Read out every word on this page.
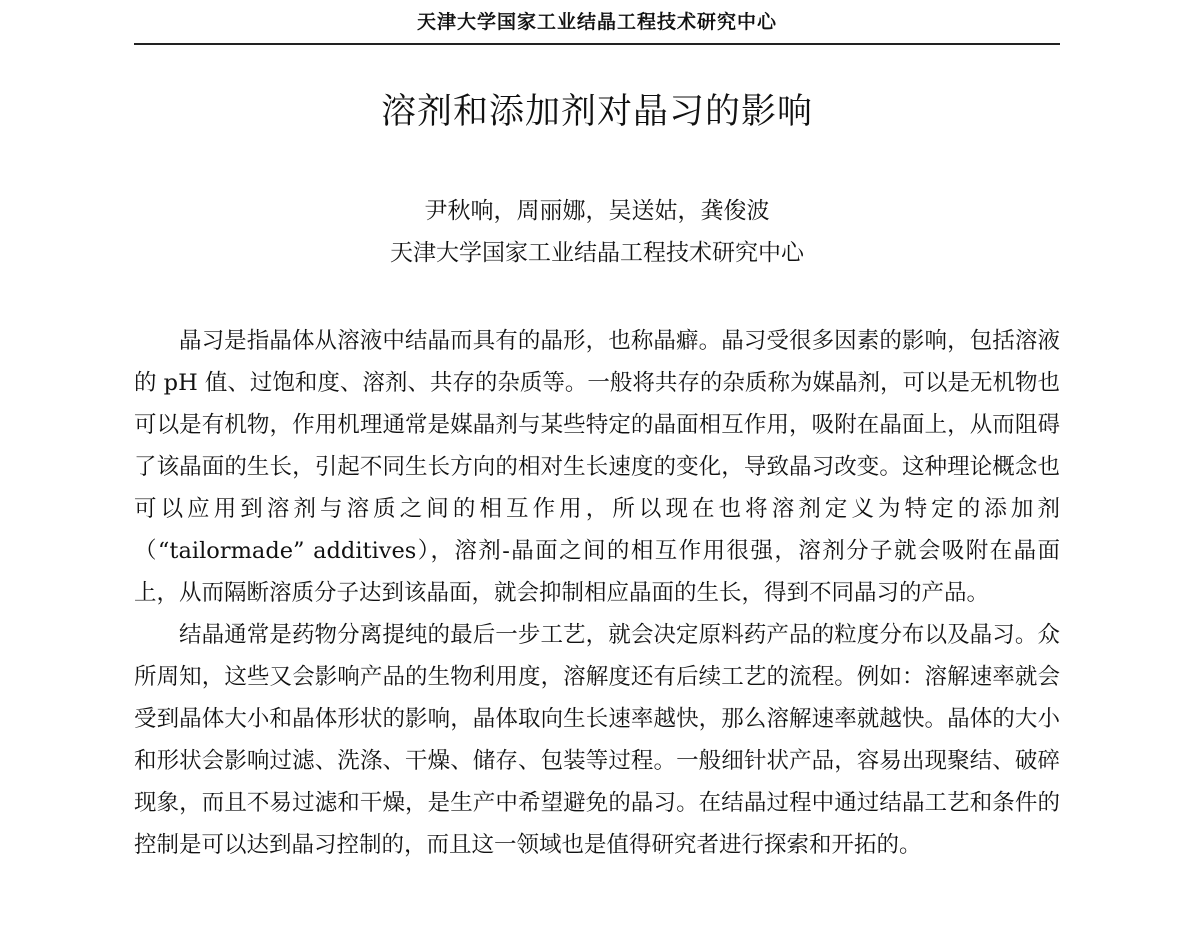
天津大学国家工业结晶工程技术研究中心
溶剂和添加剂对晶习的影响
尹秋响，周丽娜，吴送姑，龚俊波
天津大学国家工业结晶工程技术研究中心

晶习是指晶体从溶液中结晶而具有的晶形，也称晶癖。晶习受很多因素的影响，包括溶液的 pH 值、过饱和度、溶剂、共存的杂质等。一般将共存的杂质称为媒晶剂，可以是无机物也可以是有机物，作用机理通常是媒晶剂与某些特定的晶面相互作用，吸附在晶面上，从而阻碍了该晶面的生长，引起不同生长方向的相对生长速度的变化，导致晶习改变。这种理论概念也可以应用到溶剂与溶质之间的相互作用，所以现在也将溶剂定义为特定的添加剂（“tailormade” additives），溶剂-晶面之间的相互作用很强，溶剂分子就会吸附在晶面上，从而隔断溶质分子达到该晶面，就会抑制相应晶面的生长，得到不同晶习的产品。

结晶通常是药物分离提纯的最后一步工艺，就会决定原料药产品的粒度分布以及晶习。众所周知，这些又会影响产品的生物利用度，溶解度还有后续工艺的流程。例如：溶解速率就会受到晶体大小和晶体形状的影响，晶体取向生长速率越快，那么溶解速率就越快。晶体的大小和形状会影响过滤、洗涤、干燥、储存、包装等过程。一般细针状产品，容易出现聚结、破碎现象，而且不易过滤和干燥，是生产中希望避免的晶习。在结晶过程中通过结晶工艺和条件的控制是可以达到晶习控制的，而且这一领域也是值得研究者进行探索和开拓的。
